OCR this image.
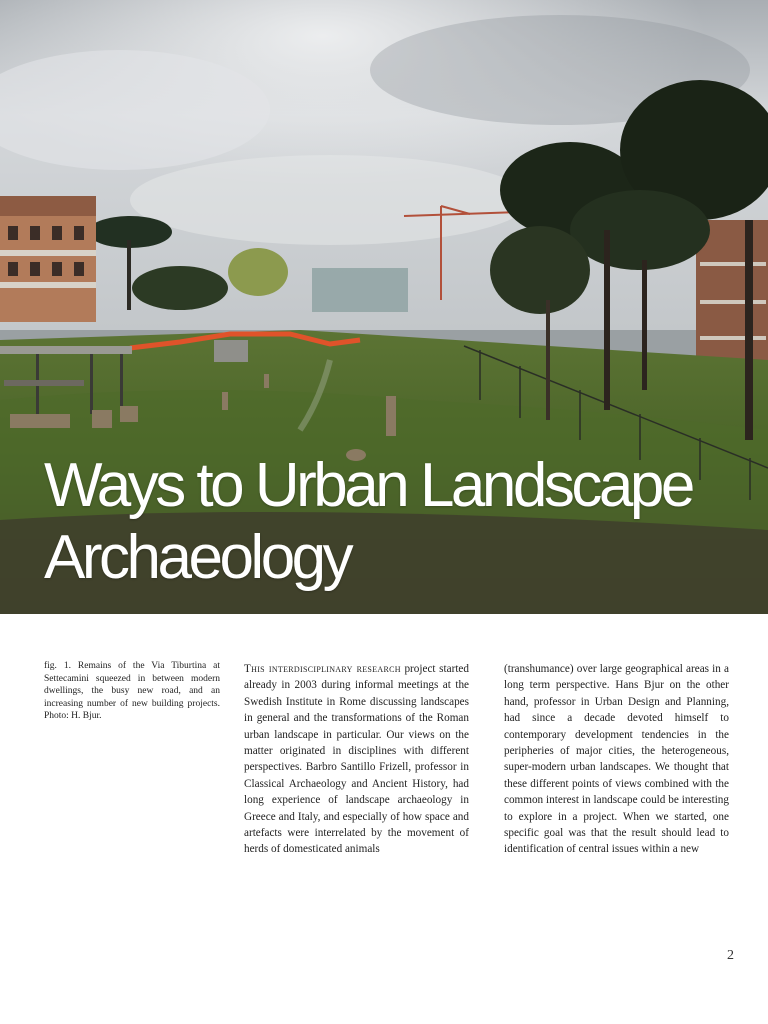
Ways to Urban Landscape
Archaeology
fig. 1. Remains of the Via Tiburtina at Settecamini squeezed in between modern dwellings, the busy new road, and an increasing number of new building projects. Photo: H. Bjur.
This interdisciplinary research project started already in 2003 during informal meetings at the Swedish Institute in Rome discussing landscapes in general and the transformations of the Roman urban landscape in particular. Our views on the matter originated in disciplines with different perspectives. Barbro Santillo Frizell, professor in Classical Archaeology and Ancient History, had long experience of landscape archaeology in Greece and Italy, and especially of how space and artefacts were interrelated by the movement of herds of domesticated animals
(transhumance) over large geographical areas in a long term perspective. Hans Bjur on the other hand, professor in Urban Design and Planning, had since a decade devoted himself to contemporary development tendencies in the peripheries of major cities, the heterogeneous, super-modern urban landscapes. We thought that these different points of views combined with the common interest in landscape could be interesting to explore in a project. When we started, one specific goal was that the result should lead to identification of central issues within a new
2
